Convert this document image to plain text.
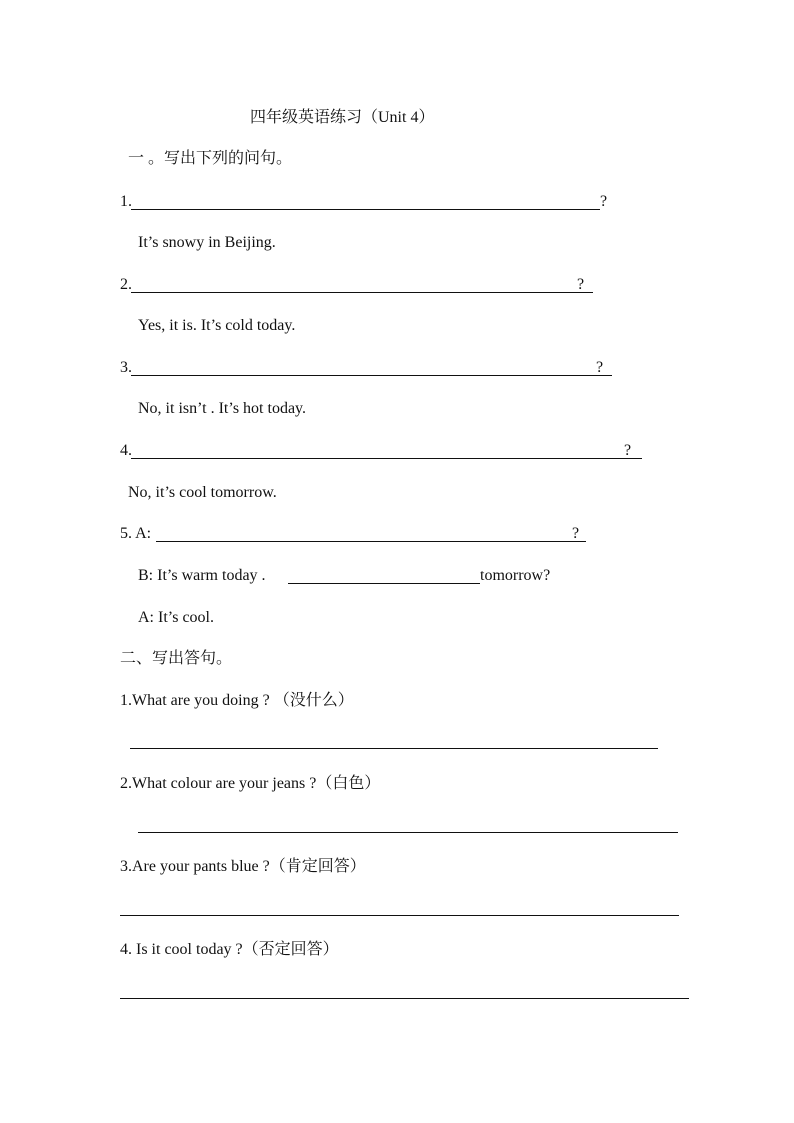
四年级英语练习（Unit 4）
一 。写出下列的问句。
1.	?
It’s snowy in Beijing.
2.	?
Yes, it is. It’s cold today.
3.	?
No, it isn’t . It’s hot today.
4.	?
No, it’s cool tomorrow.
5. A:	?
B: It’s warm today .	tomorrow?
A: It’s cool.
二、写出答句。
1.What are you doing ? （没什么）
2.What colour are your jeans ?（白色）
3.Are your pants blue ?（肯定回答）
4. Is it cool today ?（否定回答）
